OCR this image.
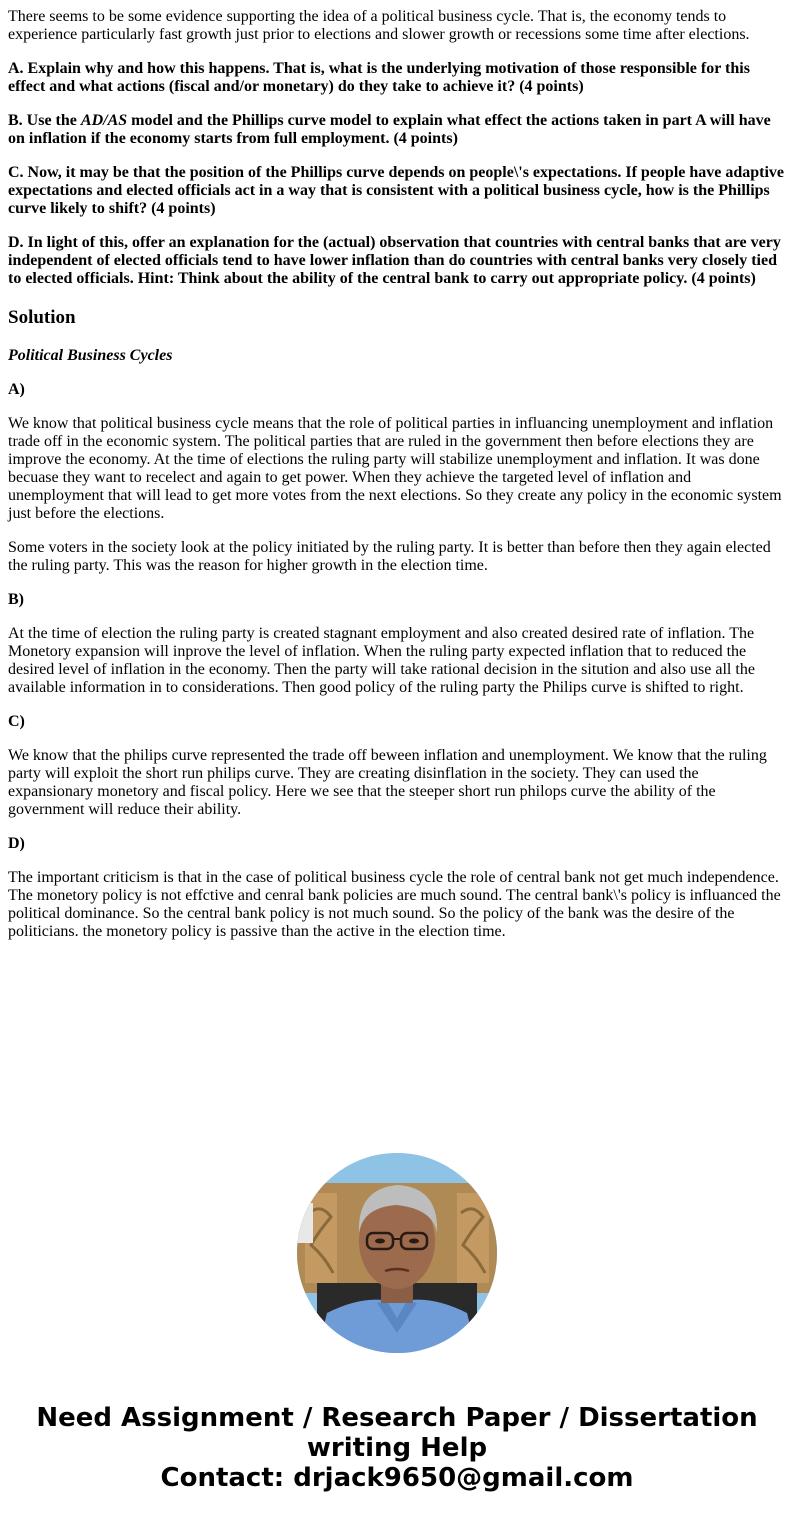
There seems to be some evidence supporting the idea of a political business cycle. That is, the economy tends to experience particularly fast growth just prior to elections and slower growth or recessions some time after elections.

A. Explain why and how this happens. That is, what is the underlying motivation of those responsible for this effect and what actions (fiscal and/or monetary) do they take to achieve it? (4 points)

B. Use the AD/AS model and the Phillips curve model to explain what effect the actions taken in part A will have on inflation if the economy starts from full employment. (4 points)

C. Now, it may be that the position of the Phillips curve depends on people\'s expectations. If people have adaptive expectations and elected officials act in a way that is consistent with a political business cycle, how is the Phillips curve likely to shift? (4 points)

D. In light of this, offer an explanation for the (actual) observation that countries with central banks that are very independent of elected officials tend to have lower inflation than do countries with central banks very closely tied to elected officials. Hint: Think about the ability of the central bank to carry out appropriate policy. (4 points)

Solution

Political Business Cycles

A)

We know that political business cycle means that the role of political parties in influancing unemployment and inflation trade off in the economic system. The political parties that are ruled in the government then before elections they are improve the economy. At the time of elections the ruling party will stabilize unemployment and inflation. It was done becuase they want to recelect and again to get power. When they achieve the targeted level of inflation and unemployment that will lead to get more votes from the next elections. So they create any policy in the economic system just before the elections.

Some voters in the society look at the policy initiated by the ruling party. It is better than before then they again elected the ruling party. This was the reason for higher growth in the election time.

B)

At the time of election the ruling party is created stagnant employment and also created desired rate of inflation. The Monetory expansion will inprove the level of inflation. When the ruling party expected inflation that to reduced the desired level of inflation in the economy. Then the party will take rational decision in the sitution and also use all the available information in to considerations. Then good policy of the ruling party the Philips curve is shifted to right.

C)

We know that the philips curve represented the trade off beween inflation and unemployment. We know that the ruling party will exploit the short run philips curve. They are creating disinflation in the society. They can used the expansionary monetory and fiscal policy. Here we see that the steeper short run philops curve the ability of the government will reduce their ability.

D)

The important criticism is that in the case of political business cycle the role of central bank not get much independence. The monetory policy is not effctive and cenral bank policies are much sound. The central bank\'s policy is influanced the political dominance. So the central bank policy is not much sound. So the policy of the bank was the desire of the politicians. the monetory policy is passive than the active in the election time.

Need Assignment / Research Paper / Dissertation
writing Help
Contact: drjack9650@gmail.com
